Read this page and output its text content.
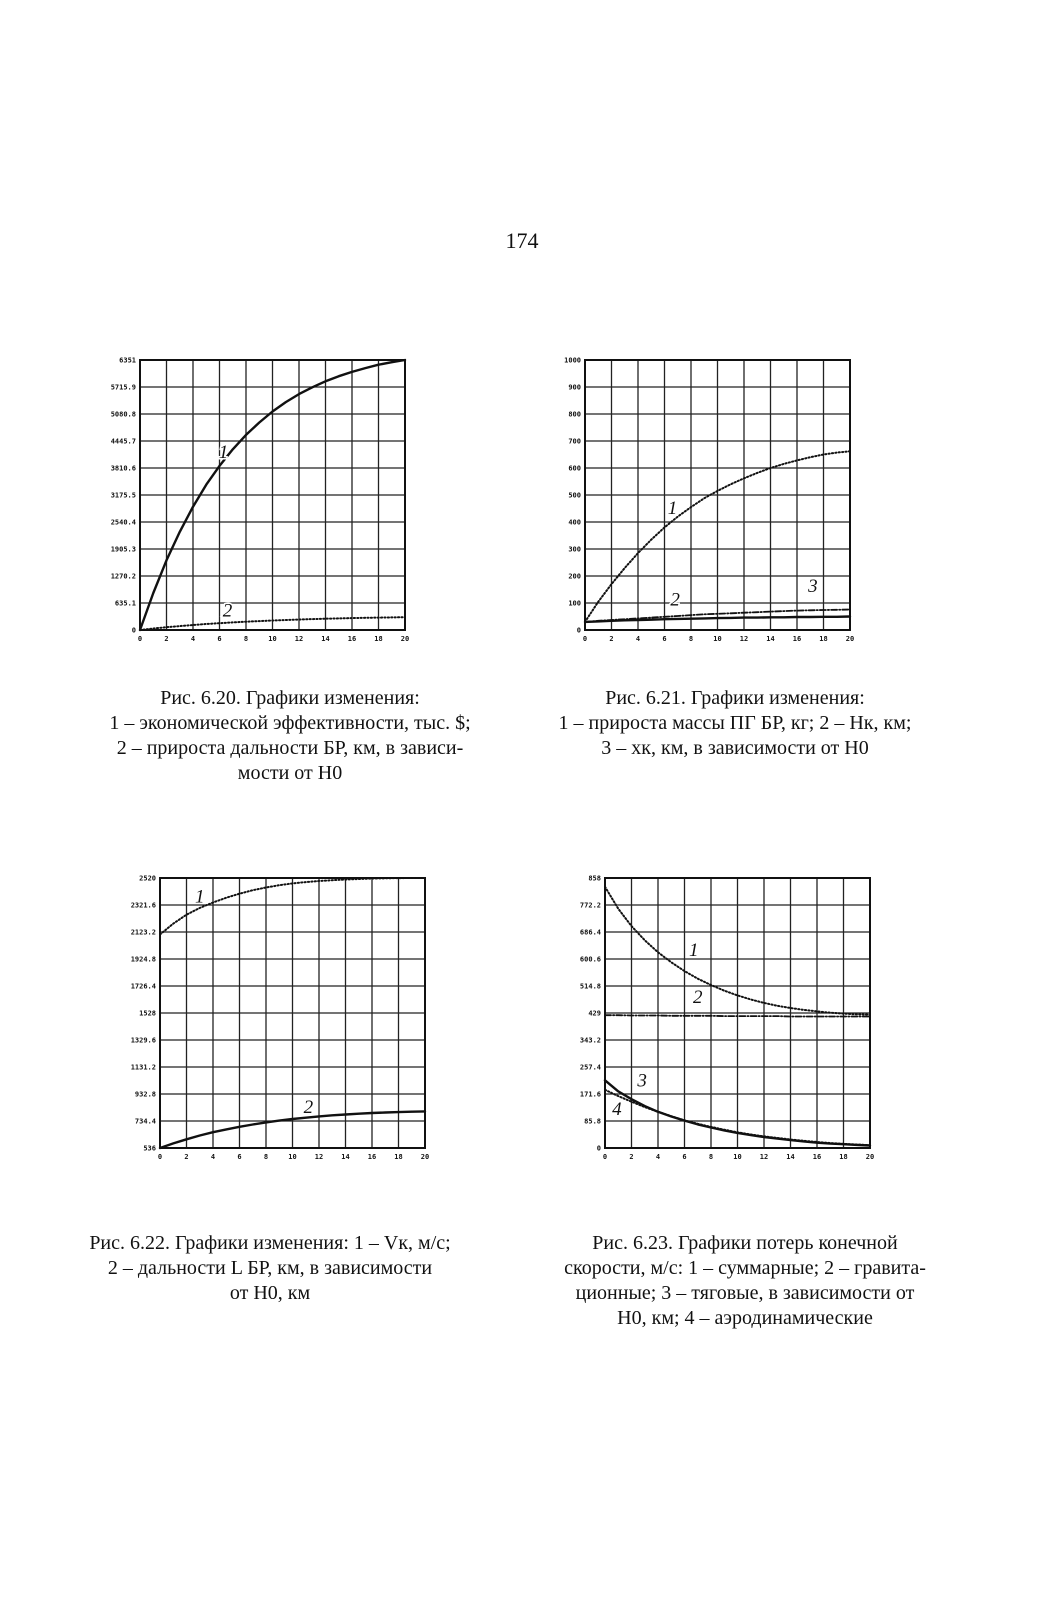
174
0	2	4	6	8	10	12	14	16	18	20
0
635.1
1270.2
1905.3
2540.4
3175.5
3810.6
4445.7
5080.8
5715.9
6351
1
2
0	2	4	6	8	10	12	14	16	18	20
0
100
200
300
400
500
600
700
800
900
1000
1
2
3
0	2	4	6	8	10	12	14	16	18	20
536
734.4
932.8
1131.2
1329.6
1528
1726.4
1924.8
2123.2
2321.6
2520
1
2
0	2	4	6	8	10	12	14	16	18	20
0
85.8
171.6
257.4
343.2
429
514.8
600.6
686.4
772.2
858
1
2
3
4
Рис. 6.20. Графики изменения:
1 – экономической эффективности, тыс. $;
2 – прироста дальности БР, км, в зависи-
мости от H0
Рис. 6.21. Графики изменения:
1 – прироста массы ПГ БР, кг; 2 – Hк, км;
3 – xк, км, в зависимости от H0
Рис. 6.22. Графики изменения: 1 – Vк, м/с;
2 – дальности L БР, км, в зависимости
от H0, км
Рис. 6.23. Графики потерь конечной
скорости, м/с: 1 – суммарные; 2 – гравита-
ционные; 3 – тяговые, в зависимости от
H0, км; 4 – аэродинамические
